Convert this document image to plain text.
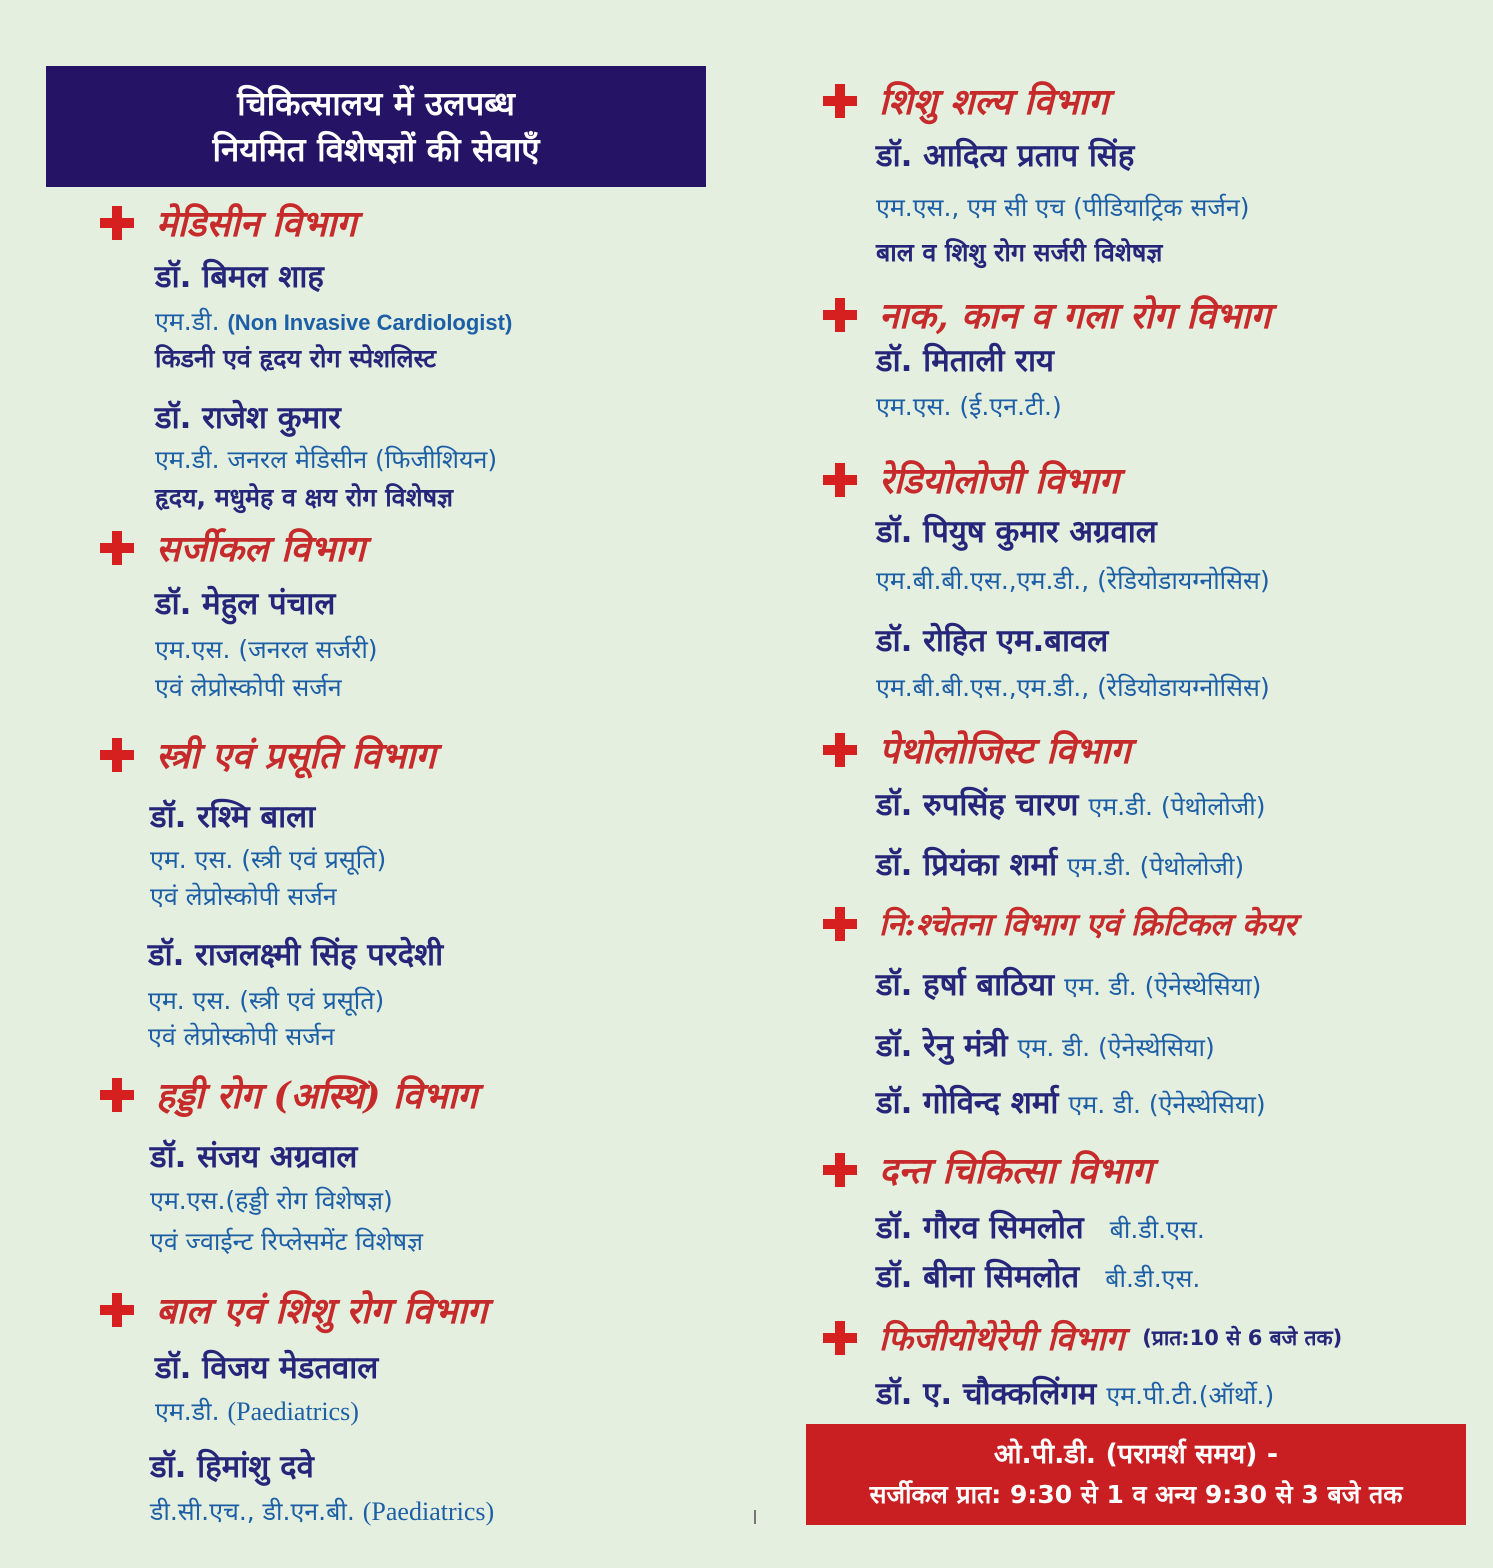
चिकित्सालय में उलपब्ध
नियमित विशेषज्ञों की सेवाएँ
मेडिसीन विभाग
डॉ. बिमल शाह
एम.डी. (Non Invasive Cardiologist)
किडनी एवं हृदय रोग स्पेशलिस्ट
डॉ. राजेश कुमार
एम.डी. जनरल मेडिसीन (फिजीशियन)
हृदय, मधुमेह व क्षय रोग विशेषज्ञ
सर्जीकल विभाग
डॉ. मेहुल पंचाल
एम.एस. (जनरल सर्जरी)
एवं लेप्रोस्कोपी सर्जन
स्त्री एवं प्रसूति विभाग
डॉ. रश्मि बाला
एम. एस. (स्त्री एवं प्रसूति)
एवं लेप्रोस्कोपी सर्जन
डॉ. राजलक्ष्मी सिंह परदेशी
एम. एस. (स्त्री एवं प्रसूति)
एवं लेप्रोस्कोपी सर्जन
हड्डी रोग (अस्थि) विभाग
डॉ. संजय अग्रवाल
एम.एस.(हड्डी रोग विशेषज्ञ)
एवं ज्वाईन्ट रिप्लेसमेंट विशेषज्ञ
बाल एवं शिशु रोग विभाग
डॉ. विजय मेडतवाल
एम.डी. (Paediatrics)
डॉ. हिमांशु दवे
डी.सी.एच., डी.एन.बी. (Paediatrics)
शिशु शल्य विभाग
डॉ. आदित्य प्रताप सिंह
एम.एस., एम सी एच (पीडियाट्रिक सर्जन)
बाल व शिशु रोग सर्जरी विशेषज्ञ
नाक, कान व गला रोग विभाग
डॉ. मिताली राय
एम.एस. (ई.एन.टी.)
रेडियोलोजी विभाग
डॉ. पियुष कुमार अग्रवाल
एम.बी.बी.एस.,एम.डी., (रेडियोडायग्नोसिस)
डॉ. रोहित एम.बावल
एम.बी.बी.एस.,एम.डी., (रेडियोडायग्नोसिस)
पेथोलोजिस्ट विभाग
डॉ. रुपसिंह चारण एम.डी. (पेथोलोजी)
डॉ. प्रियंका शर्मा एम.डी. (पेथोलोजी)
नि:श्चेतना विभाग एवं क्रिटिकल केयर
डॉ. हर्षा बाठिया एम. डी. (ऐनेस्थेसिया)
डॉ. रेनु मंत्री एम. डी. (ऐनेस्थेसिया)
डॉ. गोविन्द शर्मा एम. डी. (ऐनेस्थेसिया)
दन्त चिकित्सा विभाग
डॉ. गौरव सिमलोत बी.डी.एस.
डॉ. बीना सिमलोत बी.डी.एस.
फिजीयोथेरेपी विभाग (प्रात:10 से 6 बजे तक)
डॉ. ए. चौक्कलिंगम एम.पी.टी.(ऑर्थो.)
ओ.पी.डी. (परामर्श समय) -
सर्जीकल प्रात: 9:30 से 1 व अन्य 9:30 से 3 बजे तक
